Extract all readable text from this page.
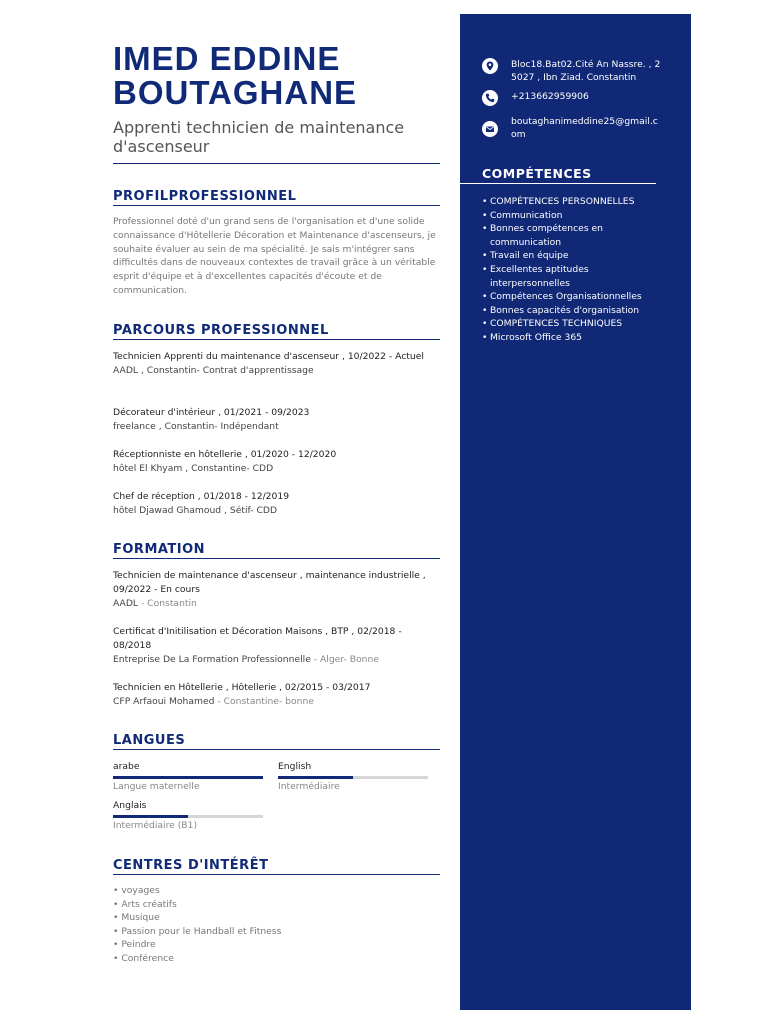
IMED EDDINE BOUTAGHANE
Apprenti technicien de maintenance d'ascenseur
PROFILPROFESSIONNEL
Professionnel doté d'un grand sens de l'organisation et d'une solide connaissance d'Hôtellerie Décoration et Maintenance d'ascenseurs, je souhaite évaluer au sein de ma spécialité. Je sais m'intégrer sans difficultés dans de nouveaux contextes de travail grâce à un véritable esprit d'équipe et à d'excellentes capacités d'écoute et de communication.
PARCOURS PROFESSIONNEL
Technicien Apprenti du maintenance d'ascenseur , 10/2022 - Actuel
AADL , Constantin- Contrat d'apprentissage
Décorateur d'intérieur , 01/2021 - 09/2023
freelance , Constantin- Indépendant
Réceptionniste en hôtellerie , 01/2020 - 12/2020
hôtel El Khyam , Constantine- CDD
Chef de réception , 01/2018 - 12/2019
hôtel Djawad Ghamoud , Sétif- CDD
FORMATION
Technicien de maintenance d'ascenseur , maintenance industrielle , 09/2022 - En cours
AADL - Constantin
Certificat d'Initilisation et Décoration Maisons , BTP , 02/2018 - 08/2018
Entreprise De La Formation Professionnelle - Alger- Bonne
Technicien en Hôtellerie , Hôtellerie , 02/2015 - 03/2017
CFP Arfaoui Mohamed - Constantine- bonne
LANGUES
arabe
Langue maternelle
English
Intermédiaire
Anglais
Intermédiaire (B1)
CENTRES D'INTÉRÊT
• voyages
• Arts créatifs
• Musique
• Passion pour le Handball et Fitness
• Peindre
• Conférence
Bloc18.Bat02.Cité An Nassre. , 25027 , Ibn Ziad. Constantin
+213662959906
boutaghanimeddine25@gmail.com
COMPÉTENCES
• COMPÉTENCES PERSONNELLES
• Communication
• Bonnes compétences en communication
• Travail en équipe
• Excellentes aptitudes interpersonnelles
• Compétences Organisationnelles
• Bonnes capacités d'organisation
• COMPÉTENCES TECHNIQUES
• Microsoft Office 365
